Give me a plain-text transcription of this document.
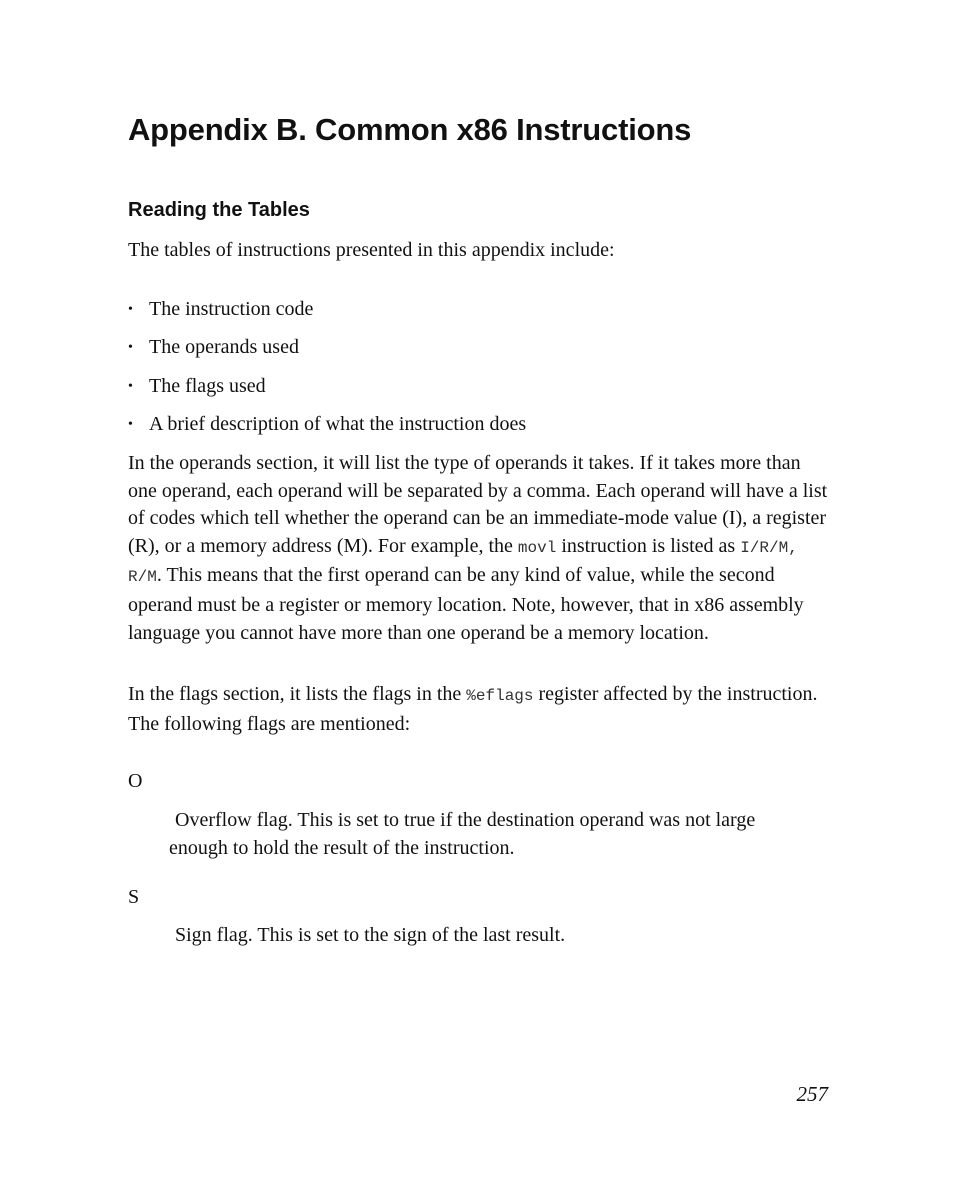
Appendix B. Common x86 Instructions
Reading the Tables

The tables of instructions presented in this appendix include:

• The instruction code
• The operands used
• The flags used
• A brief description of what the instruction does

In the operands section, it will list the type of operands it takes. If it takes more than one operand, each operand will be separated by a comma. Each operand will have a list of codes which tell whether the operand can be an immediate-mode value (I), a register (R), or a memory address (M). For example, the movl instruction is listed as I/R/M, R/M. This means that the first operand can be any kind of value, while the second operand must be a register or memory location. Note, however, that in x86 assembly language you cannot have more than one operand be a memory location.

In the flags section, it lists the flags in the %eflags register affected by the instruction. The following flags are mentioned:

O

Overflow flag. This is set to true if the destination operand was not large enough to hold the result of the instruction.

S

Sign flag. This is set to the sign of the last result.

257
